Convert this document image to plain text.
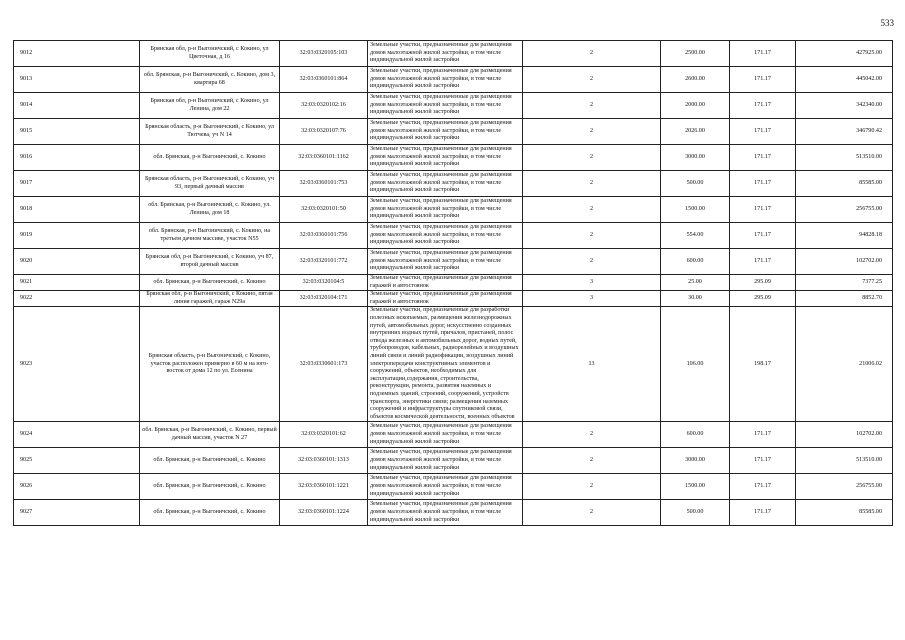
533
9012	Брянская обл, р-н Выгоничский, с Кокино, ул Цветочная, д 16	32:03:0320105:103	Земельные участки, предназначенные для размещения домов малоэтажной жилой застройки, в том числе индивидуальной жилой застройки	2	2500.00	171.17	427925.00
9013	обл. Брянская, р-н Выгоничский, с. Кокино, дом 3, квартира 68	32:03:0360101:864	Земельные участки, предназначенные для размещения домов малоэтажной жилой застройки, в том числе индивидуальной жилой застройки	2	2600.00	171.17	445042.00
9014	Брянская обл, р-н Выгоничский, с Кокино, ул Ленина, дом 22	32:03:0320102:16	Земельные участки, предназначенные для размещения домов малоэтажной жилой застройки, в том числе индивидуальной жилой застройки	2	2000.00	171.17	342340.00
9015	Брянская область, р-н Выгоничский, с Кокино, ул Тютчева, уч N 14	32:03:0320107:76	Земельные участки, предназначенные для размещения домов малоэтажной жилой застройки, в том числе индивидуальной жилой застройки	2	2026.00	171.17	346790.42
9016	обл. Брянская, р-н Выгоничский, с. Кокино	32:03:0360101:1162	Земельные участки, предназначенные для размещения домов малоэтажной жилой застройки, в том числе индивидуальной жилой застройки	2	3000.00	171.17	513510.00
9017	Брянская область, р-н Выгоничский, с Кокино, уч 93, первый дачный массив	32:03:0360101:753	Земельные участки, предназначенные для размещения домов малоэтажной жилой застройки, в том числе индивидуальной жилой застройки	2	500.00	171.17	85585.00
9018	обл. Брянская, р-н Выгоничский, с. Кокино, ул. Ленина, дом 18	32:03:0320101:50	Земельные участки, предназначенные для размещения домов малоэтажной жилой застройки, в том числе индивидуальной жилой застройки	2	1500.00	171.17	256755.00
9019	обл. Брянская, р-н Выгоничский, с. Кокино, на третьем дачном массиве, участок N55	32:03:0360101:756	Земельные участки, предназначенные для размещения домов малоэтажной жилой застройки, в том числе индивидуальной жилой застройки	2	554.00	171.17	94828.18
9020	Брянская обл, р-н Выгоничский, с Кокино, уч 87, второй дачный массив	32:03:0320101:772	Земельные участки, предназначенные для размещения домов малоэтажной жилой застройки, в том числе индивидуальной жилой застройки	2	600.00	171.17	102702.00
9021	обл. Брянская, р-н Выгоничский, с. Кокино	32:03:0320104:5	Земельные участки, предназначенные для размещения гаражей и автостоянок	3	25.00	295.09	7377.25
9022	Брянская обл, р-н Выгоничский, с Кокино, пятая линия гаражей, гараж N29а	32:03:0320104:171	Земельные участки, предназначенные для размещения гаражей и автостоянок	3	30.00	295.09	8852.70
9023	Брянская область, р-н Выгоничский, с Кокино, участок расположен примерно в 60 м на юго-восток от дома 12 по ул. Есенина	32:03:0330601:173	Земельные участки, предназначенные для разработки полезных ископаемых, размещения железнодорожных путей, автомобильных дорог, искусственно созданных внутренних водных путей, причалов, пристаней, полос отвода железных и автомобильных дорог, водных путей, трубопроводов, кабельных, радиорелейных и воздушных линий связи и линий радиофикации, воздушных линий электропередачи конструктивных элементов и сооружений, объектов, необходимых для эксплуатации,содержания, строительства, реконструкции, ремонта, развития наземных и подземных зданий, строений, сооружений, устройств транспорта, энергетики связи; размещения наземных сооружений и инфраструктуры спутниковой связи, объектов космической деятельности, военных объектов	13	106.00	198.17	21006.02
9024	обл. Брянская, р-н Выгоничский, с. Кокино, первый дачный массив, участок N 27	32:03:0320101:62	Земельные участки, предназначенные для размещения домов малоэтажной жилой застройки, в том числе индивидуальной жилой застройки	2	600.00	171.17	102702.00
9025	обл. Брянская, р-н Выгоничский, с. Кокино	32:03:0360101:1313	Земельные участки, предназначенные для размещения домов малоэтажной жилой застройки, в том числе индивидуальной жилой застройки	2	3000.00	171.17	513510.00
9026	обл. Брянская, р-н Выгоничский, с. Кокино	32:03:0360101:1221	Земельные участки, предназначенные для размещения домов малоэтажной жилой застройки, в том числе индивидуальной жилой застройки	2	1500.00	171.17	256755.00
9027	обл. Брянская, р-н Выгоничский, с. Кокино	32:03:0360101:1224	Земельные участки, предназначенные для размещения домов малоэтажной жилой застройки, в том числе индивидуальной жилой застройки	2	500.00	171.17	85585.00
